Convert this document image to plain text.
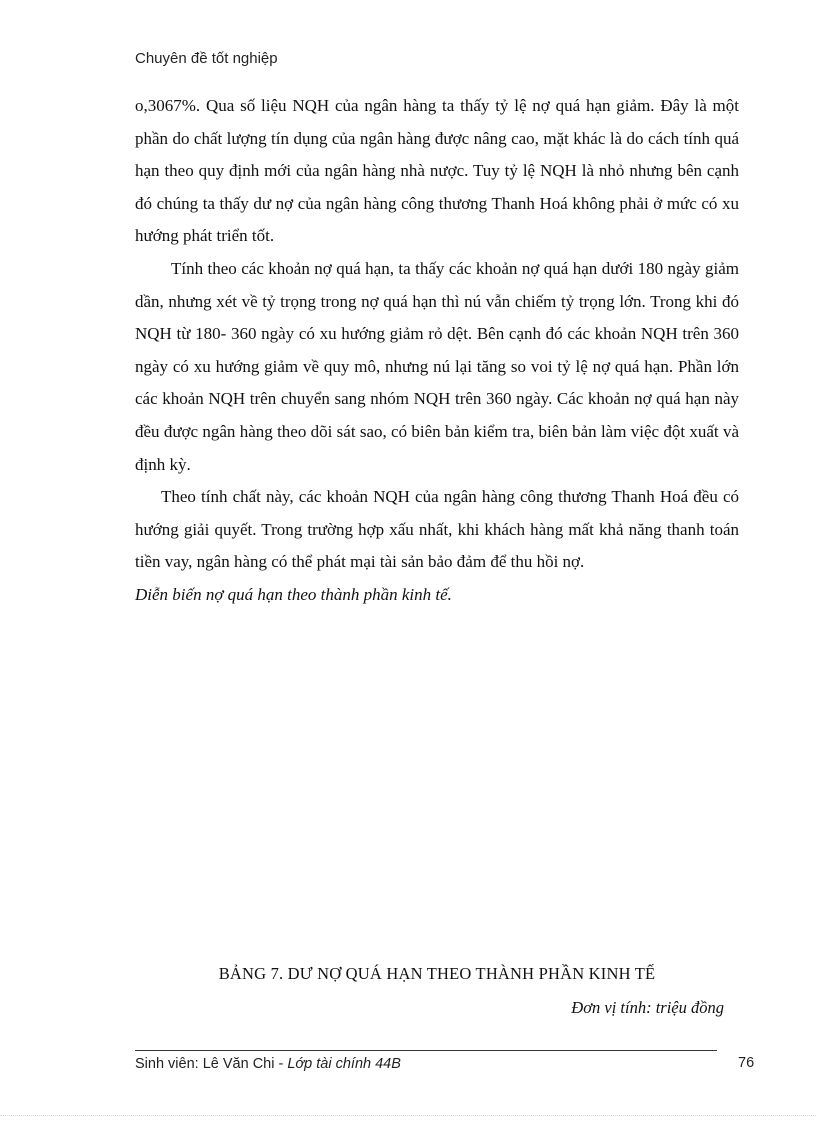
Chuyên đề tốt nghiệp

o,3067%. Qua số liệu NQH của ngân hàng ta thấy tỷ lệ nợ quá hạn giảm. Đây là một phần do chất lượng tín dụng của ngân hàng được nâng cao, mặt khác là do cách tính quá hạn theo quy định mới của ngân hàng nhà nược. Tuy tỷ lệ NQH là nhỏ nhưng bên cạnh đó chúng ta thấy dư nợ của ngân hàng công thương Thanh Hoá không phải ở mức có xu hướng phát triển tốt.

Tính theo các khoản nợ quá hạn, ta thấy các khoản nợ quá hạn dưới 180 ngày giảm dần, nhưng xét về tỷ trọng trong nợ quá hạn thì nú vẫn chiếm tỷ trọng lớn. Trong khi đó NQH từ 180- 360 ngày có xu hướng giảm rỏ dệt. Bên cạnh đó các khoản NQH trên 360 ngày có xu hướng giảm về quy mô, nhưng nú lại tăng so voi tỷ lệ nợ quá hạn. Phần lớn các khoản NQH trên chuyển sang nhóm NQH trên 360 ngày. Các khoản nợ quá hạn này đều được ngân hàng theo dõi sát sao, có biên bản kiểm tra, biên bản làm việc đột xuất và định kỳ.

Theo tính chất này, các khoản NQH của ngân hàng công thương Thanh Hoá đều có hướng giải quyết. Trong trường hợp xấu nhất, khi khách hàng mất khả năng thanh toán tiền vay, ngân hàng có thể phát mại tài sản bảo đảm để thu hồi nợ.

Diễn biến nợ quá hạn theo thành phần kinh tế.

BẢNG 7. DƯ NỢ QUÁ HẠN THEO THÀNH PHẦN KINH TẾ
Đơn vị tính: triệu đồng
Sinh viên: Lê Văn Chi - Lớp tài chính 44B	76
